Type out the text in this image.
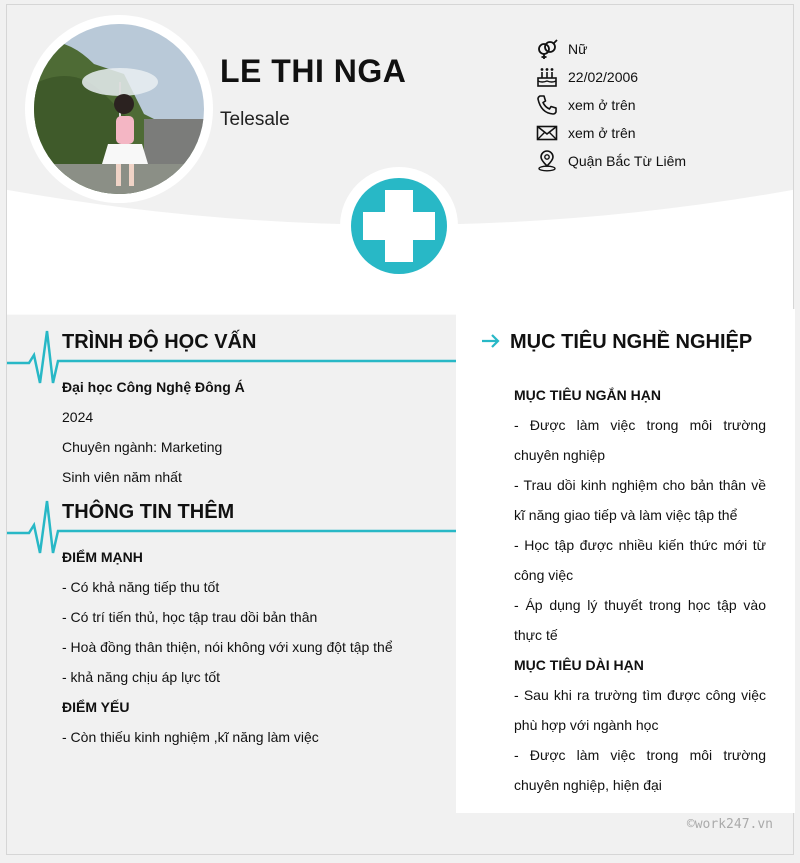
LE THI NGA
Telesale
Nữ
22/02/2006
xem ở trên
xem ở trên
Quận Bắc Từ Liêm
TRÌNH ĐỘ HỌC VẤN
Đại học Công Nghệ Đông Á
2024
Chuyên ngành: Marketing
Sinh viên năm nhất
THÔNG TIN THÊM
ĐIỂM MẠNH
- Có khả năng tiếp thu tốt
- Có trí tiến thủ, học tập trau dồi bản thân
- Hoà đồng thân thiện, nói không với xung đột tập thể
- khả năng chịu áp lực tốt
ĐIỂM YẾU
- Còn thiếu kinh nghiệm ,kĩ năng làm việc
MỤC TIÊU NGHỀ NGHIỆP
MỤC TIÊU NGẮN HẠN
- Được làm việc trong môi trường chuyên nghiệp
- Trau dồi kinh nghiệm cho bản thân về kĩ năng giao tiếp và làm việc tập thể
- Học tập được nhiều kiến thức mới từ công việc
- Áp dụng lý thuyết trong học tập vào thực tế
MỤC TIÊU DÀI HẠN
- Sau khi ra trường tìm được công việc phù hợp với ngành học
- Được làm việc trong môi trường chuyên nghiệp, hiện đại
©work247.vn
